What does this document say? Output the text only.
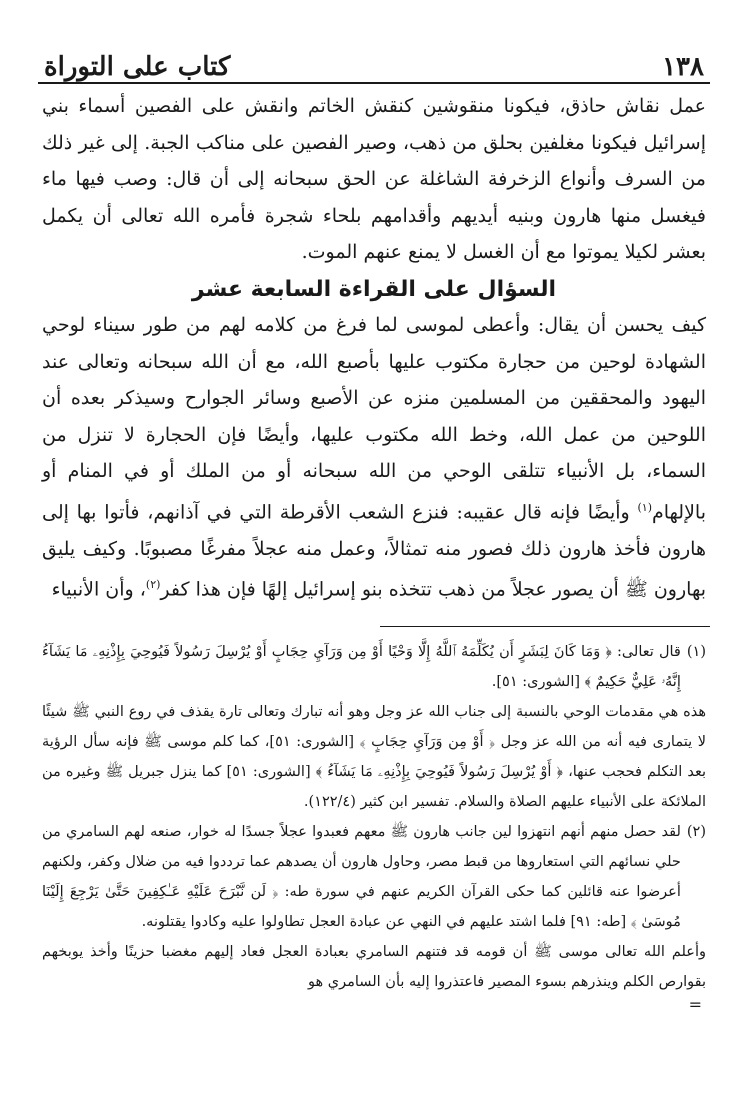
١٣٨
كتاب على التوراة

عمل نقاش حاذق، فيكونا منقوشين كنقش الخاتم وانقش على الفصين أسماء بني إسرائيل فيكونا مغلفين بحلق من ذهب، وصير الفصين على مناكب الجبة. إلى غير ذلك من السرف وأنواع الزخرفة الشاغلة عن الحق سبحانه إلى أن قال: وصب فيها ماء فيغسل منها هارون وبنيه أيديهم وأقدامهم بلحاء شجرة فأمره الله تعالى أن يكمل بعشر لكيلا يموتوا مع أن الغسل لا يمنع عنهم الموت.

السؤال على القراءة السابعة عشر

كيف يحسن أن يقال: وأعطى لموسى لما فرغ من كلامه لهم من طور سيناء لوحي الشهادة لوحين من حجارة مكتوب عليها بأصبع الله، مع أن الله سبحانه وتعالى عند اليهود والمحققين من المسلمين منزه عن الأصبع وسائر الجوارح وسيذكر بعده أن اللوحين من عمل الله، وخط الله مكتوب عليها، وأيضًا فإن الحجارة لا تنزل من السماء، بل الأنبياء تتلقى الوحي من الله سبحانه أو من الملك أو في المنام أو بالإلهام$^{(١)}$ وأيضًا فإنه قال عقيبه: فنزع الشعب الأقرطة التي في آذانهم، فأتوا بها إلى هارون فأخذ هارون ذلك فصور منه تمثالاً، وعمل منه عجلاً مفرغًا مصبوبًا. وكيف يليق بهارون ﷺ أن يصور عجلاً من ذهب تتخذه بنو إسرائيل إلهًا فإن هذا كفر$^{(٢)}$، وأن الأنبياء

(١)
قال تعالى: ﴿ وَمَا كَانَ لِبَشَرٍ أَن يُكَلِّمَهُ ٱللَّهُ إِلَّا وَحْيًا أَوْ مِن وَرَآيِ حِجَابٍ أَوْ يُرْسِلَ رَسُولاً فَيُوحِيَ بِإِذْنِهِۦ مَا يَشَآءُ إِنَّهُۥ عَلِيٌّ حَكِيمٌ ﴾ [الشورى: ٥١].

هذه هي مقدمات الوحي بالنسبة إلى جناب الله عز وجل وهو أنه تبارك وتعالى تارة يقذف في روع النبي ﷺ شيئًا لا يتمارى فيه أنه من الله عز وجل ﴿ أَوْ مِن وَرَآيِ حِجَابٍ ﴾ [الشورى: ٥١]، كما كلم موسى ﷺ فإنه سأل الرؤية بعد التكلم فحجب عنها، ﴿ أَوْ يُرْسِلَ رَسُولاً فَيُوحِيَ بِإِذْنِهِۦ مَا يَشَآءُ ﴾ [الشورى: ٥١] كما ينزل جبريل ﷺ وغيره من الملائكة على الأنبياء عليهم الصلاة والسلام. تفسير ابن كثير (١٢٢/٤).

(٢)
لقد حصل منهم أنهم انتهزوا لين جانب هارون ﷺ معهم فعبدوا عجلاً جسدًا له خوار، صنعه لهم السامري من حلي نسائهم التي استعاروها من قبط مصر، وحاول هارون أن يصدهم عما ترددوا فيه من ضلال وكفر، ولكنهم أعرضوا عنه قائلين كما حكى القرآن الكريم عنهم في سورة طه: ﴿ لَن نَّبْرَحَ عَلَيْهِ عَـٰكِفِينَ حَتَّىٰ يَرْجِعَ إِلَيْنَا مُوسَىٰ ﴾ [طه: ٩١] فلما اشتد عليهم في النهي عن عبادة العجل تطاولوا عليه وكادوا يقتلونه.

وأعلم الله تعالى موسى ﷺ أن قومه قد فتنهم السامري بعبادة العجل فعاد إليهم مغضبا حزينًا وأخذ يوبخهم بقوارص الكلم وينذرهم بسوء المصير فاعتذروا إليه بأن السامري هو

=
